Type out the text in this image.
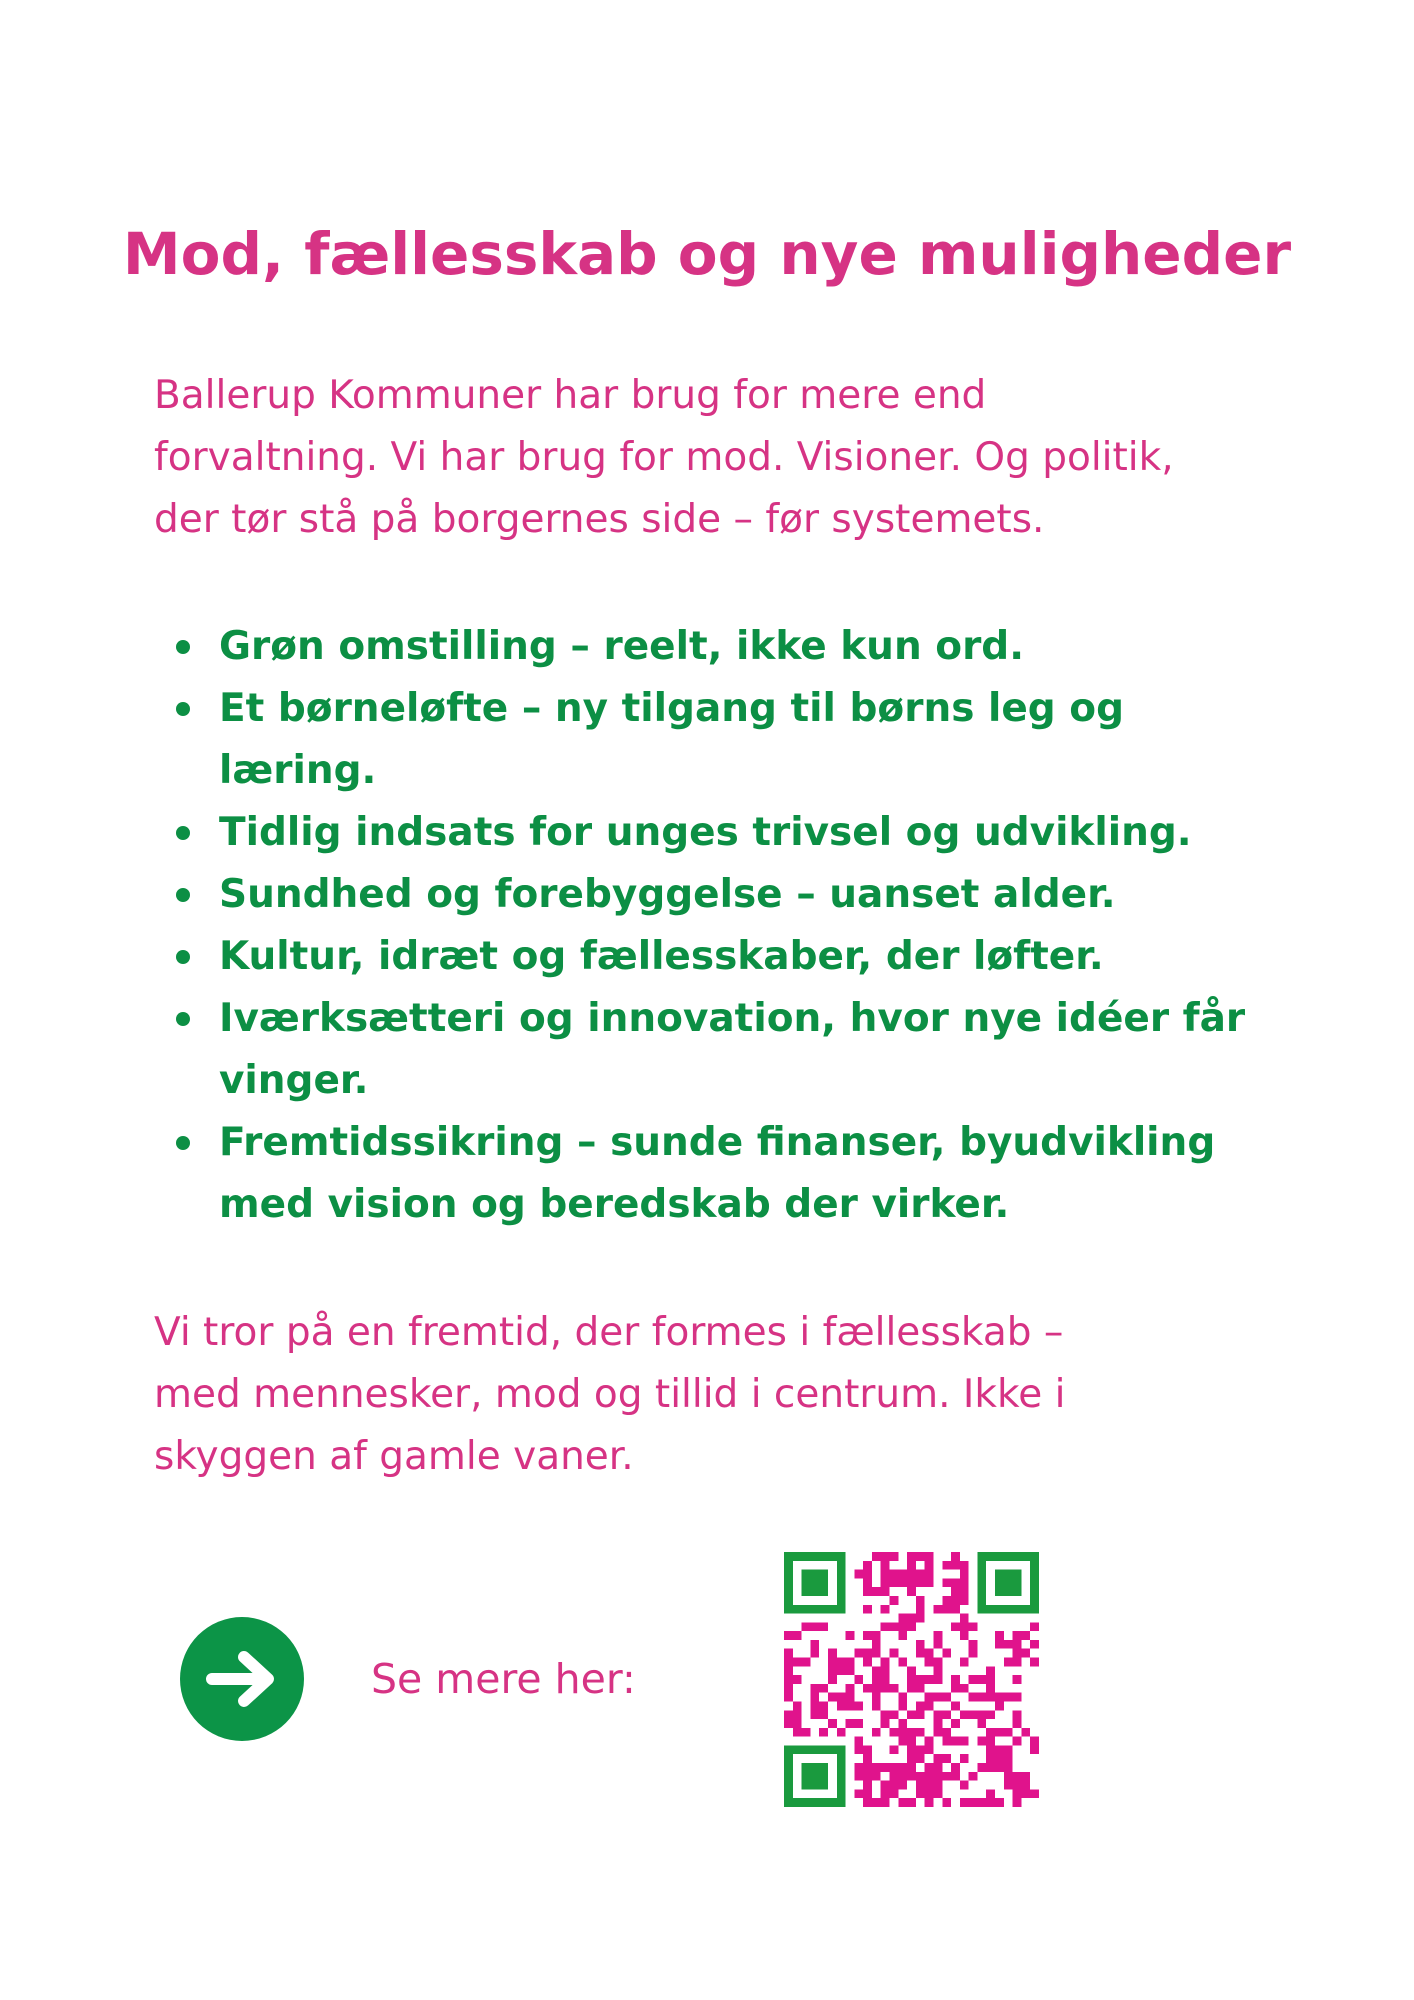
Mod, fællesskab og nye muligheder

Ballerup Kommuner har brug for mere end
forvaltning. Vi har brug for mod. Visioner. Og politik,
der tør stå på borgernes side – før systemets.

Grøn omstilling – reelt, ikke kun ord.
Et børneløfte – ny tilgang til børns leg og læring.
Tidlig indsats for unges trivsel og udvikling.
Sundhed og forebyggelse – uanset alder.
Kultur, idræt og fællesskaber, der løfter.
Iværksætteri og innovation, hvor nye idéer får vinger.
Fremtidssikring – sunde finanser, byudvikling med vision og beredskab der virker.

Vi tror på en fremtid, der formes i fællesskab –
med mennesker, mod og tillid i centrum. Ikke i
skyggen af gamle vaner.

Se mere her:
